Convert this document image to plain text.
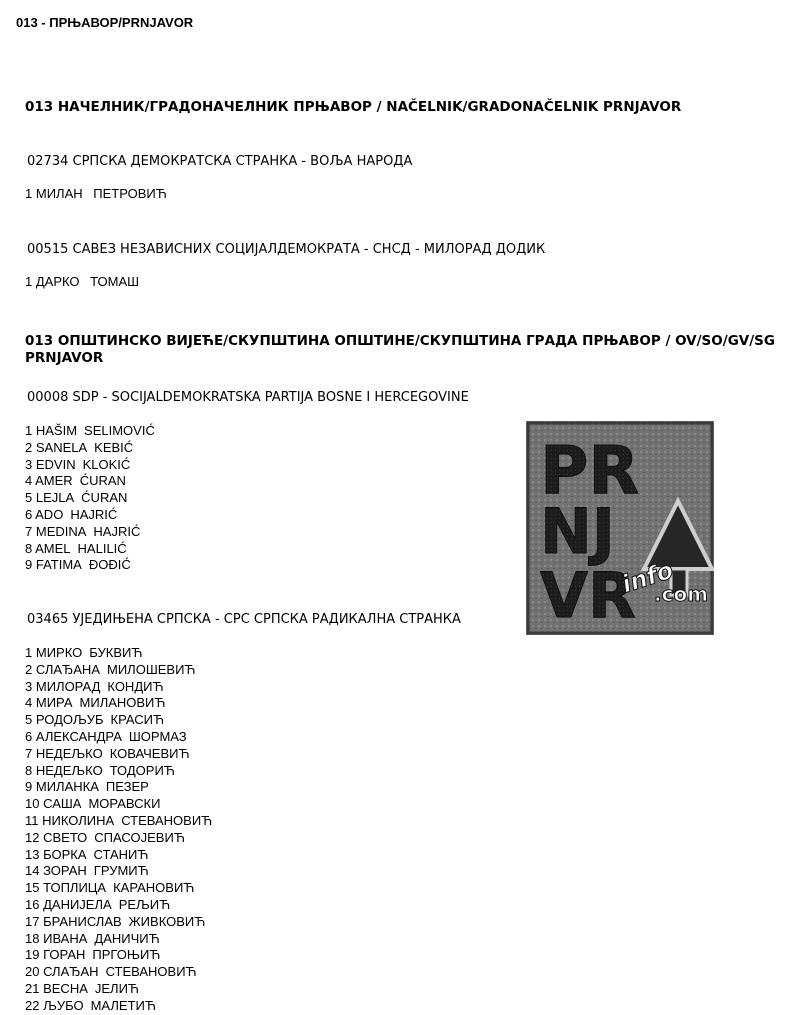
013 - ПРЊАВОР/PRNJAVOR
013 НАЧЕЛНИК/ГРАДОНАЧЕЛНИК ПРЊАВОР / NAČELNIK/GRADONAČELNIK PRNJAVOR
02734 СРПСКА ДЕМОКРАТСКА СТРАНКА - ВОЉА НАРОДА
1 МИЛАН ПЕТРОВИЋ
00515 САВЕЗ НЕЗАВИСНИХ СОЦИЈАЛДЕМОКРАТА - СНСД - МИЛОРАД ДОДИК
1 ДАРКО ТОМАШ
013 ОПШТИНСКО ВИЈЕЋЕ/СКУПШТИНА ОПШТИНЕ/СКУПШТИНА ГРАДА ПРЊАВОР / OV/SO/GV/SG
PRNJAVOR
00008 SDP - SOCIJALDEMOKRATSKA PARTIJA BOSNE I HERCEGOVINE
1 HAŠIM SELIMOVIĆ
2 SANELA KEBIĆ
3 EDVIN KLOKIĆ
4 AMER ĆURAN
5 LEJLA ĆURAN
6 ADO HAJRIĆ
7 MEDINA HAJRIĆ
8 AMEL HALILIĆ
9 FATIMA ĐOĐIĆ
03465 УЈЕДИЊЕНА СРПСКА - СРС СРПСКА РАДИКАЛНА СТРАНКА
1 МИРКО БУКВИЋ
2 СЛАЂАНА МИЛОШЕВИЋ
3 МИЛОРАД КОНДИЋ
4 МИРА МИЛАНОВИЋ
5 РОДОЉУБ КРАСИЋ
6 АЛЕКСАНДРА ШОРМАЗ
7 НЕДЕЉКО КОВАЧЕВИЋ
8 НЕДЕЉКО ТОДОРИЋ
9 МИЛАНКА ПЕЗЕР
10 САША МОРАВСКИ
11 НИКОЛИНА СТЕВАНОВИЋ
12 СВЕТО СПАСОЈЕВИЋ
13 БОРКА СТАНИЋ
14 ЗОРАН ГРУМИЋ
15 ТОПЛИЦА КАРАНОВИЋ
16 ДАНИЈЕЛА РЕЉИЋ
17 БРАНИСЛАВ ЖИВКОВИЋ
18 ИВАНА ДАНИЧИЋ
19 ГОРАН ПРГОЊИЋ
20 СЛАЂАН СТЕВАНОВИЋ
21 ВЕСНА ЈЕЛИЋ
22 ЉУБО МАЛЕТИЋ
PR
NJ
VR
info
.com
